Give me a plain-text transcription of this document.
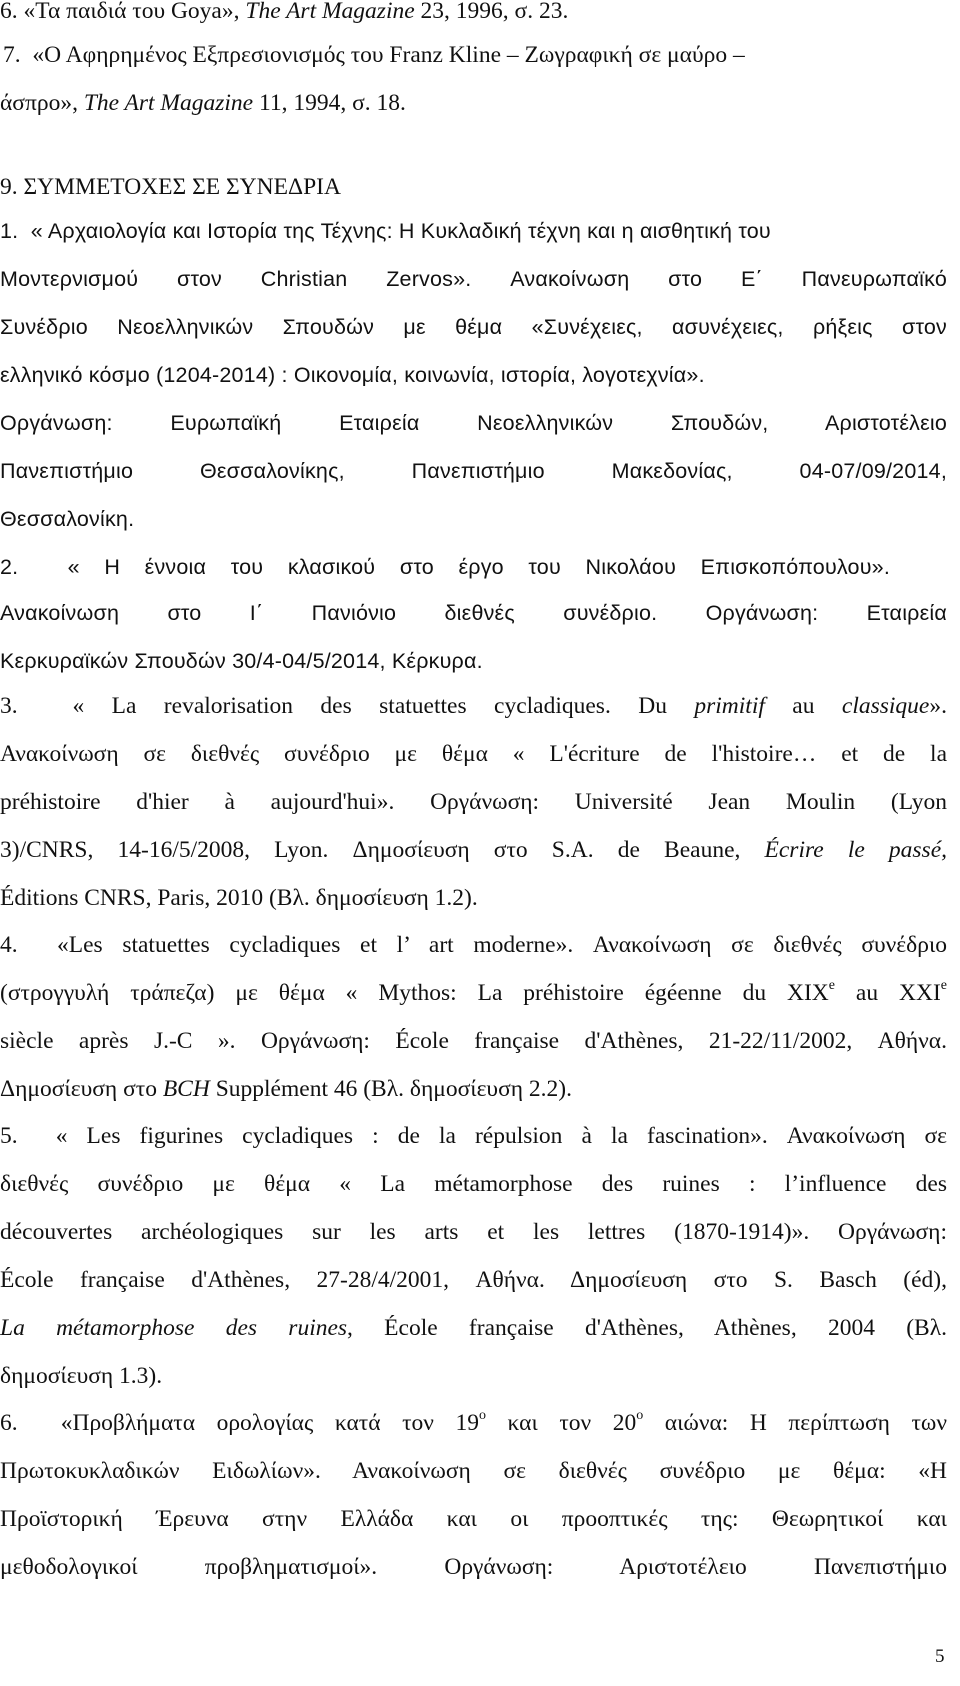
6. «Τα παιδιά του Goya», The Art Magazine 23, 1996, σ. 23.
7. «Ο Αφηρημένος Εξπρεσιονισμός του Franz Kline – Ζωγραφική σε μαύρο –
άσπρο», The Art Magazine 11, 1994, σ. 18.
9. ΣΥΜΜΕΤΟΧΕΣ ΣΕ ΣΥΝΕΔΡΙΑ
1. « Αρχαιολογία και Ιστορία της Τέχνης: Η Κυκλαδική τέχνη και η αισθητική του
Μοντερνισμού στον Christian Zervos». Ανακοίνωση στο Ε΄ Πανευρωπαϊκό
Συνέδριο Νεοελληνικών Σπουδών με θέμα «Συνέχειες, ασυνέχειες, ρήξεις στον
ελληνικό κόσμο (1204-2014) : Οικονομία, κοινωνία, ιστορία, λογοτεχνία».
Οργάνωση: Ευρωπαϊκή Εταιρεία Νεοελληνικών Σπουδών, Αριστοτέλειο
Πανεπιστήμιο Θεσσαλονίκης, Πανεπιστήμιο Μακεδονίας, 04-07/09/2014,
Θεσσαλονίκη.
2. « Η έννοια του κλασικού στο έργο του Νικολάου Επισκοπόπουλου».
Ανακοίνωση στο Ι΄ Πανιόνιο διεθνές συνέδριο. Οργάνωση: Εταιρεία
Κερκυραϊκών Σπουδών 30/4-04/5/2014, Κέρκυρα.
3. « La revalorisation des statuettes cycladiques. Du primitif au classique».
Ανακοίνωση σε διεθνές συνέδριο με θέμα « L'écriture de l'histoire… et de la
préhistoire d'hier à aujourd'hui». Οργάνωση: Université Jean Moulin (Lyon
3)/CNRS, 14-16/5/2008, Lyon. Δημοσίευση στο S.A. de Beaune, Écrire le passé,
Éditions CNRS, Paris, 2010 (Βλ. δημοσίευση 1.2).
4. «Les statuettes cycladiques et l’ art moderne». Ανακοίνωση σε διεθνές συνέδριο
(στρογγυλή τράπεζα) με θέμα « Mythos: La préhistoire égéenne du XIXe au XXIe
siècle après J.-C ». Οργάνωση: École française d'Athènes, 21-22/11/2002, Αθήνα.
Δημοσίευση στο BCH Supplément 46 (Βλ. δημοσίευση 2.2).
5. « Les figurines cycladiques : de la répulsion à la fascination». Ανακοίνωση σε
διεθνές συνέδριο με θέμα « La métamorphose des ruines : l’influence des
découvertes archéologiques sur les arts et les lettres (1870-1914)». Οργάνωση:
École française d'Athènes, 27-28/4/2001, Αθήνα. Δημοσίευση στο S. Basch (éd),
La métamorphose des ruines, École française d'Athènes, Athènes, 2004 (Βλ.
δημοσίευση 1.3).
6. «Προβλήματα ορολογίας κατά τον $19^o$ και τον $20^o$ αιώνα: Η περίπτωση των
Πρωτοκυκλαδικών Ειδωλίων». Ανακοίνωση σε διεθνές συνέδριο με θέμα: «Η
Προϊστορική Έρευνα στην Ελλάδα και οι προοπτικές της: Θεωρητικοί και
μεθοδολογικοί προβληματισμοί». Οργάνωση: Αριστοτέλειο Πανεπιστήμιο
5
